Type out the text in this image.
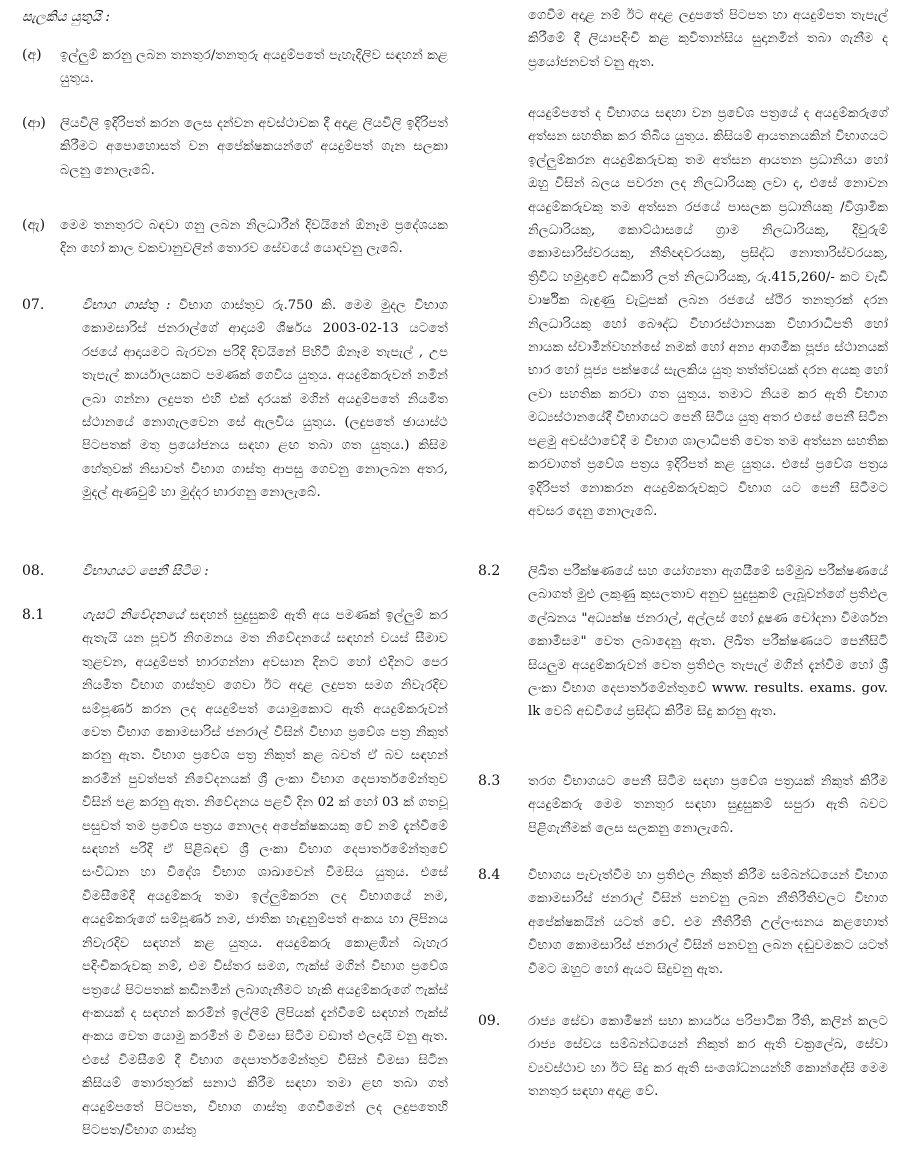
සැලකිය යුතුයි :
(අ) ඉල්ලුම් කරනු ලබන තනතුර/තනතුරු අයදුම්පතේ පැහැදිලිව සඳහන් කළ යුතුය.
(ආ) ලියවිලි ඉදිරිපත් කරන ලෙස දන්වන අවස්ථාවක දී අදාළ ලියවිලි ඉදිරිපත් කිරීමට අපොහොසත් වන අපේක්ෂකයන්ගේ අයදුම්පත් ගැන සලකා බලනු නොලැබේ.
(ඇ) මෙම තනතුරට බඳවා ගනු ලබන නිලධාරීන් දිවයිනේ ඕනෑම ප්‍රදේශයක දින හෝ කාල වකවානුවලින් තොරව සේවයේ යොදවනු ලැබේ.
07.	විභාග ගාස්තු : විභාග ගාස්තුව රු.750 කි. මෙම මුදල විභාග කොමසාරිස් ජනරාල්ගේ ආදායම් ශීර්ෂය 2003-02-13 යටතේ රජයේ ආදායමට බැරවන පරිදි දිවයිනේ පිහිටි ඕනෑම තැපැල් , උප තැපැල් කාර්යාලයකට පමණක් ගෙවිය යුතුය. අයදුම්කරුවන් නමින් ලබා ගන්නා ලදුපත එහි එක් දාරයක් මගින් අයදුම්පතේ නියමිත ස්ථානයේ නොගැලවෙන සේ ඇලවිය යුතුය. (ලදුපතේ ඡායාස්ථ පිටපතක් මතු ප්‍රයෝජනය සඳහා ළඟ තබා ගත යුතුය.) කිසිම හේතුවක් නිසාවත් විභාග ගාස්තු ආපසු ගෙවනු නොලබන අතර, මුදල් ඇණවුම් හා මුද්දර භාරගනු නොලැබේ.
08.	විභාගයට පෙනී සිටීම :
8.1	ගැසට් නිවේදනයේ සඳහන් සුදුසුකම් ඇති අය පමණක් ඉල්ලුම් කර ඇතැයි යන පූර්ව නිගමනය මත නිවේදනයේ සඳහන් වයස් සීමාව තුළවන, අයදුම්පත් භාරගන්නා අවසාන දිනට හෝ එදිනට පෙර නියමිත විභාග ගාස්තුව ගෙවා ඊට අදාළ ලදුපත සමග නිවැරදිව සම්පූර්ණ කරන ලද අයදුම්පත් යොමුකොට ඇති අයදුම්කරුවන් වෙත විභාග කොමසාරිස් ජනරාල් විසින් විභාග ප්‍රවේශ පත්‍ර නිකුත් කරනු ඇත. විභාග ප්‍රවේශ පත්‍ර නිකුත් කළ බවත් ඒ බව සඳහන් කරමින් පුවත්පත් නිවේදනයක් ශ්‍රී ලංකා විභාග දෙපාර්තමේන්තුව විසින් පළ කරනු ඇත. නිවේදනය පළවී දින 02 ක් හෝ 03 ක් ගතවූ පසුවත් තම ප්‍රවේශ පත්‍රය නොලද අපේක්ෂකයකු වේ නම් දැන්වීමේ සඳහන් පරිදි ඒ පිළිබඳව ශ්‍රී ලංකා විභාග දෙපාර්තමේන්තුවේ සංවිධාන හා විදේශ විභාග ශාඛාවෙන් විමසිය යුතුය. එසේ විමසීමේදී අයදුම්කරු තමා ඉල්ලුම්කරන ලද විභාගයේ නම, අයදුම්කරුගේ සම්පූර්ණ නම, ජාතික හැඳුනුම්පත් අංකය හා ලිපිනය නිවැරදිව සඳහන් කළ යුතුය. අයදුම්කරු කොළඹින් බැහැර පදිංචිකරුවකු නම්, එම විස්තර සමග, ෆැක්ස් මගින් විභාග ප්‍රවේශ පත්‍රයේ පිටපතක් කඩිනමින් ලබාගැනීමට හැකි අයදුම්කරුගේ ෆැක්ස් අංකයක් ද සඳහන් කරමින් ඉල්ලීම් ලිපියක් දැන්වීමේ සඳහන් ෆැක්ස් අංකය වෙත යොමු කරමින් ම විමසා සිටීම වඩාත් ඵලදායි වනු ඇත. එසේ විමසීමේ දී විභාග දෙපාර්තමේන්තුව විසින් විමසා සිටින කිසියම් තොරතුරක් සනාථ කිරීම සඳහා තමා ළඟ තබා ගත් අයදුම්පතේ පිටපත, විභාග ගාස්තු ගෙවීමෙන් ලද ලදුපතෙහි පිටපත/විභාග ගාස්තු
ගෙවීම අදාළ නම් ඊට අදාළ ලදුපතේ පිටපත හා අයදුම්පත තැපැල් කිරීමේ දී ලියාපදිංචි කළ කුවිතාන්සිය සුදානමින් තබා ගැනීම ද ප්‍රයෝජනවත් වනු ඇත.
අයදුම්පතේ ද විභාගය සඳහා වන ප්‍රවේශ පත්‍රයේ ද අයදුම්කරුගේ අත්සන සහතික කර තිබිය යුතුය. කිසියම් ආයතනයකින් විභාගයට ඉල්ලුම්කරන අයදුම්කරුවකු තම අත්සන ආයතන ප්‍රධානියා හෝ ඔහු විසින් බලය පවරන ලද නිලධාරියකු ලවා ද, එසේ නොවන අයදුම්කරුවකු තම අත්සන රජයේ පාසලක ප්‍රධානියකු /විශ්‍රාමික නිලධාරියකු, කොට්ඨාසයේ ග්‍රාම නිලධාරියකු, දිවුරුම් කොමසාරිස්වරයකු, නීතිඥවරයකු, ප්‍රසිද්ධ නොතාරිස්වරයකු, ත්‍රිවිධ හමුදාවේ අධිකාරි ලත් නිලධාරියකු, රු.415,260/- කට වැඩි වාර්ෂික බැඳුණු වැටුපක් ලබන රජයේ ස්ථිර තනතුරක් දරන නිලධාරියකු හෝ බෞද්ධ විහාරස්ථානයක විහාරාධිපති හෝ නායක ස්වාමීන්වහන්සේ නමක් හෝ අන්‍ය ආගමික පූජ්‍ය ස්ථානයක් භාර හෝ පූජ්‍ය පක්ෂයේ සැලකිය යුතු තත්ත්වයක් දරන අයකු හෝ ලවා සහතික කරවා ගත යුතුය. තමාට නියම කර ඇති විභාග මධ්‍යස්ථානයේදී විභාගයට පෙනී සිටිය යුතු අතර එසේ පෙනී සිටින පළමු අවස්ථාවේදී ම විභාග ශාලාධිපති වෙත තම අත්සන සහතික කරවාගත් ප්‍රවේශ පත්‍රය ඉදිරිපත් කළ යුතුය. එසේ ප්‍රවේශ පත්‍රය ඉදිරිපත් නොකරන අයදුම්කරුවකුට විභාග යට පෙනී සිටීමට අවසර දෙනු නොලැබේ.
8.2 ලිඛිත පරීක්ෂණයේ සහ යෝග්‍යතා ඇගයීමේ සම්මුඛ පරීක්ෂණයේ ලබාගත් මුළු ලකුණු කුසලතාව අනුව සුදුසුකම් ලැබූවන්ගේ ප්‍රතිඵල ලේඛනය "අධ්‍යක්ෂ ජනරාල්, අල්ලස් හෝ දූෂණ චෝදනා විමර්ශන කොමිසම" වෙත ලබාදෙනු ඇත. ලිඛිත පරීක්ෂණයට පෙනීසිටි සියලුම අයදුම්කරුවන් වෙත ප්‍රතිඵල තැපැල් මගින් දැන්වීම හෝ ශ්‍රී ලංකා විභාග දෙපාර්තමේන්තුවේ www. results. exams. gov. lk වෙබ් අඩවියේ ප්‍රසිද්ධ කිරීම සිදු කරනු ඇත.
8.3 තරග විභාගයට පෙනී සිටීම සඳහා ප්‍රවේශ පත්‍රයක් නිකුත් කිරීම අයදුම්කරු මෙම තනතුර සඳහා සුදුසුකම් සපුරා ඇති බවට පිළිගැනීමක් ලෙස සලකනු නොලැබේ.
8.4 විභාගය පැවැත්වීම හා ප්‍රතිඵල නිකුත් කිරීම සම්බන්ධයෙන් විභාග කොමසාරිස් ජනරාල් විසින් පනවනු ලබන නීතිරීතිවලට විභාග අපේක්ෂකයින් යටත් වේ. එම නීතිරීති උල්ලංඝනය කළහොත් විභාග කොමසාරිස් ජනරාල් විසින් පනවනු ලබන දඬුවමකට යටත් වීමට ඔහුට හෝ ඇයට සිදුවනු ඇත.
09. රාජ්‍ය සේවා කොමිෂන් සභා කාර්යය පරිපාටික රීති, කලින් කලට රාජ්‍ය සේවය සම්බන්ධයෙන් නිකුත් කර ඇති චක්‍රලේඛ, සේවා ව්‍යවස්ථාව හා ඊට සිදු කර ඇති සංශෝධනයන්හි කොන්දේසි මෙම තනතුර සඳහා අදාළ වේ.
